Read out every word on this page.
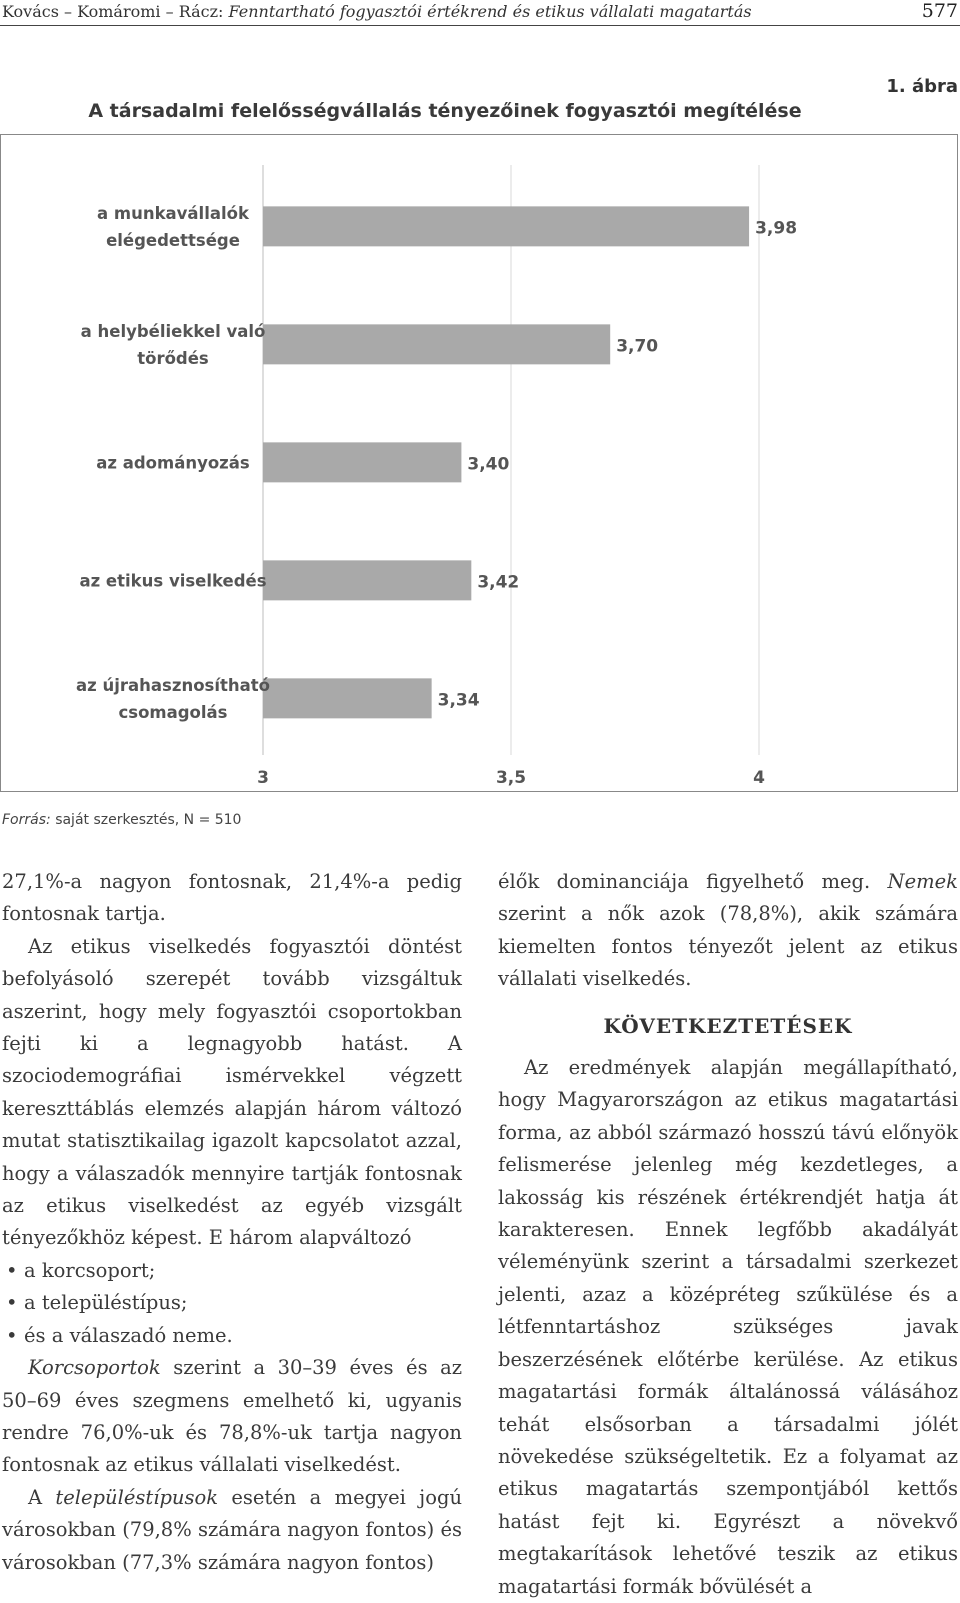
Kovács – Komáromi – Rácz: Fenntartható fogyasztói értékrend és etikus vállalati magatartás	577
1. ábra
A társadalmi felelősségvállalás tényezőinek fogyasztói megítélése
3,98
a munkavállalók
elégedettsége
3,70
a helybéliekkel való
törődés
3,40
az adományozás
3,42
az etikus viselkedés
3,34
az újrahasznosítható
csomagolás
3	3,5	4
Forrás: saját szerkesztés, N = 510

27,1%-a nagyon fontosnak, 21,4%-a pedig fontosnak tartja.

Az etikus viselkedés fogyasztói döntést befolyásoló szerepét tovább vizsgáltuk aszerint, hogy mely fogyasztói csoportokban fejti ki a legnagyobb hatást. A szociodemográfiai ismérvekkel végzett kereszttáblás elemzés alapján három változó mutat statisztikailag igazolt kapcsolatot azzal, hogy a válaszadók mennyire tartják fontosnak az etikus viselkedést az egyéb vizsgált tényezőkhöz képest. E három alapváltozó

• a korcsoport;

• a településtípus;

• és a válaszadó neme.

Korcsoportok szerint a 30–39 éves és az 50–69 éves szegmens emelhető ki, ugyanis rendre 76,0%-uk és 78,8%-uk tartja nagyon fontosnak az etikus vállalati viselkedést.

A településtípusok esetén a megyei jogú városokban (79,8% számára nagyon fontos) és városokban (77,3% számára nagyon fontos)

élők dominanciája figyelhető meg. Nemek szerint a nők azok (78,8%), akik számára kiemelten fontos tényezőt jelent az etikus vállalati viselkedés.

KÖVETKEZTETÉSEK

Az eredmények alapján megállapítható, hogy Magyarországon az etikus magatartási forma, az abból származó hosszú távú előnyök felismerése jelenleg még kezdetleges, a lakosság kis részének értékrendjét hatja át karakteresen. Ennek legfőbb akadályát véleményünk szerint a társadalmi szerkezet jelenti, azaz a középréteg szűkülése és a létfenntartáshoz szükséges javak beszerzésének előtérbe kerülése. Az etikus magatartási formák általánossá válásához tehát elsősorban a társadalmi jólét növekedése szükségeltetik. Ez a folyamat az etikus magatartás szempontjából kettős hatást fejt ki. Egyrészt a növekvő megtakarítások lehetővé teszik az etikus magatartási formák bővülését a
